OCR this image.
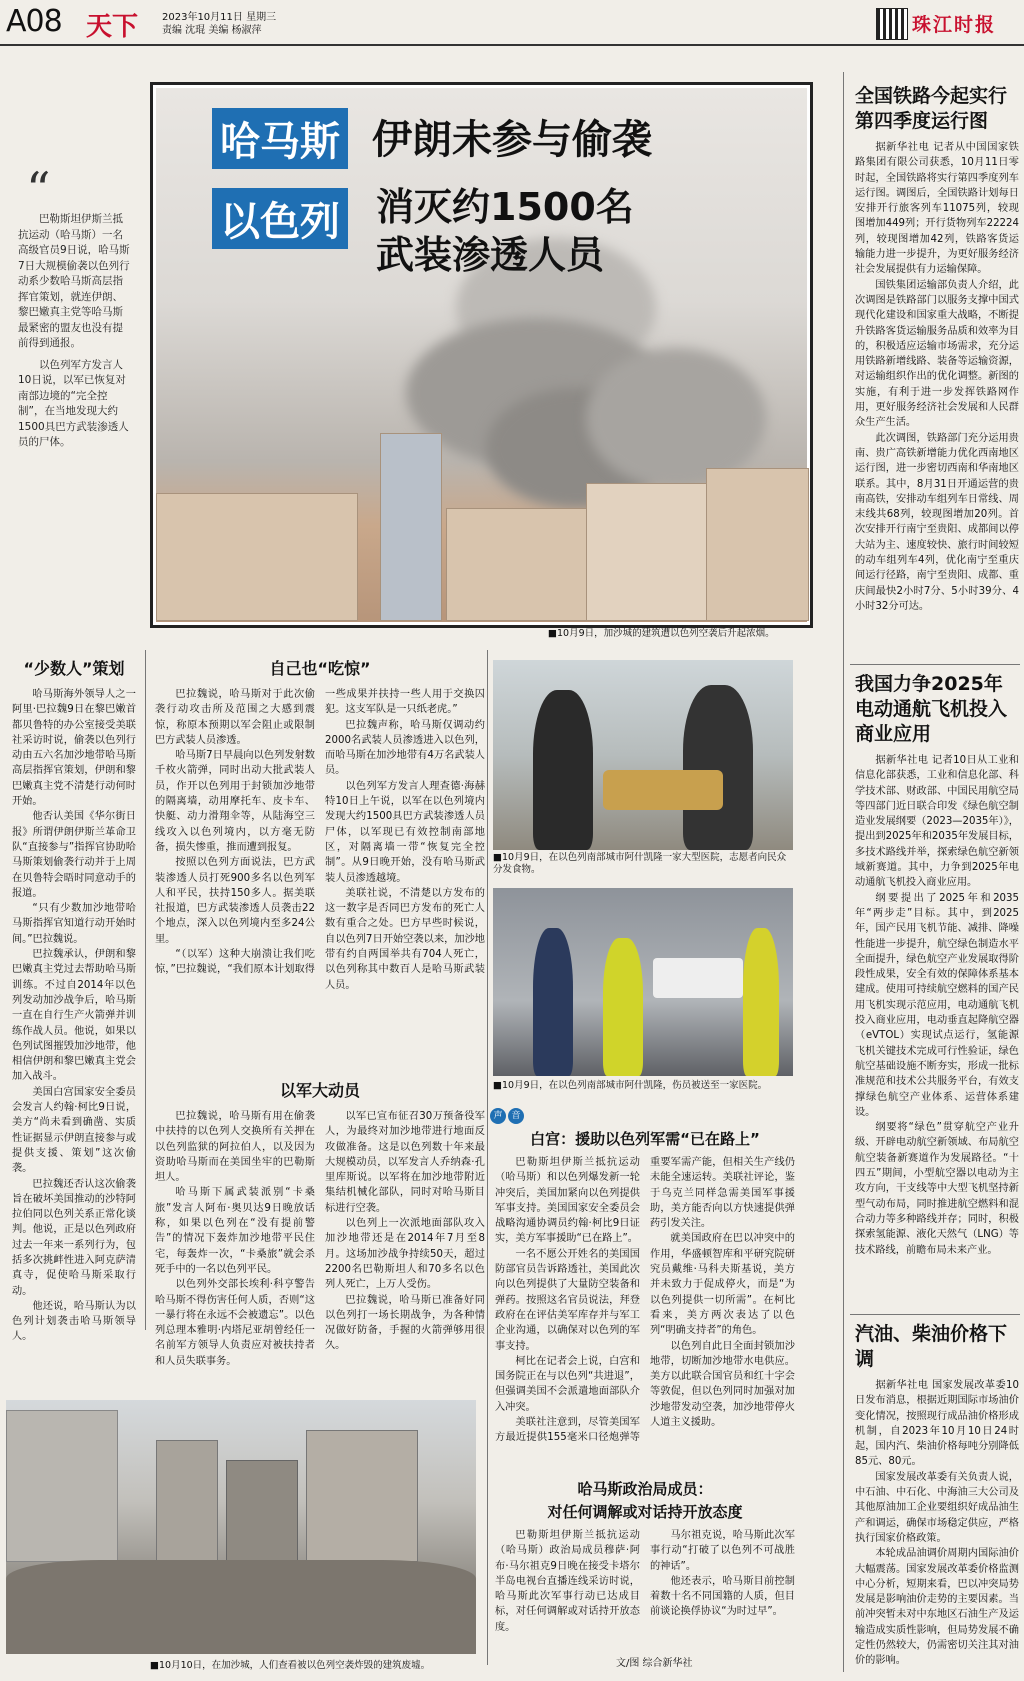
A08 天下 2023年10月11日 星期三
责编 沈琨 美编 杨淑萍	珠江时报
哈马斯 伊朗未参与偷袭
以色列 消灭约1500名
武装渗透人员
■10月9日，加沙城的建筑遭以色列空袭后升起浓烟。
“
巴勒斯坦伊斯兰抵抗运动（哈马斯）一名高级官员9日说，哈马斯7日大规模偷袭以色列行动系少数哈马斯高层指挥官策划，就连伊朗、黎巴嫩真主党等哈马斯最紧密的盟友也没有提前得到通报。
以色列军方发言人10日说，以军已恢复对南部边境的“完全控制”，在当地发现大约1500具巴方武装渗透人员的尸体。
全国铁路今起实行第四季度运行图

据新华社电 记者从中国国家铁路集团有限公司获悉，10月11日零时起，全国铁路将实行第四季度列车运行图。调图后，全国铁路计划每日安排开行旅客列车11075列，较现图增加449列；开行货物列车22224列，较现图增加42列，铁路客货运输能力进一步提升，为更好服务经济社会发展提供有力运输保障。

国铁集团运输部负责人介绍，此次调图是铁路部门以服务支撑中国式现代化建设和国家重大战略，不断提升铁路客货运输服务品质和效率为目的，积极适应运输市场需求，充分运用铁路新增线路、装备等运输资源，对运输组织作出的优化调整。新图的实施，有利于进一步发挥铁路网作用，更好服务经济社会发展和人民群众生产生活。

此次调图，铁路部门充分运用贵南、贵广高铁新增能力优化西南地区运行图，进一步密切西南和华南地区联系。其中，8月31日开通运营的贵南高铁，安排动车组列车日常线、周末线共68列，较现图增加20列。首次安排开行南宁至贵阳、成都间以停大站为主、速度较快、旅行时间较短的动车组列车4列，优化南宁至重庆间运行径路，南宁至贵阳、成都、重庆间最快2小时7分、5小时39分、4小时32分可达。

我国力争2025年电动通航飞机投入商业应用

据新华社电 记者10日从工业和信息化部获悉，工业和信息化部、科学技术部、财政部、中国民用航空局等四部门近日联合印发《绿色航空制造业发展纲要（2023—2035年）》，提出到2025年和2035年发展目标，多技术路线并举，探索绿色航空新领域新赛道。其中，力争到2025年电动通航飞机投入商业应用。

纲要提出了2025年和2035年“两步走”目标。其中，到2025年，国产民用飞机节能、减排、降噪性能进一步提升，航空绿色制造水平全面提升，绿色航空产业发展取得阶段性成果，安全有效的保障体系基本建成。使用可持续航空燃料的国产民用飞机实现示范应用，电动通航飞机投入商业应用，电动垂直起降航空器（eVTOL）实现试点运行，氢能源飞机关键技术完成可行性验证，绿色航空基础设施不断夯实，形成一批标准规范和技术公共服务平台，有效支撑绿色航空产业体系、运营体系建设。

纲要将“绿色”贯穿航空产业升级、开辟电动航空新领域、布局航空航空装备新赛道作为发展路径。“十四五”期间，小型航空器以电动为主攻方向，干支线等中大型飞机坚持新型气动布局，同时推进航空燃料和混合动力等多种路线并存；同时，积极探索氢能源、液化天然气（LNG）等技术路线，前瞻布局未来产业。

汽油、柴油价格下调

据新华社电 国家发展改革委10日发布消息，根据近期国际市场油价变化情况，按照现行成品油价格形成机制，自2023年10月10日24时起，国内汽、柴油价格每吨分别降低85元、80元。

国家发展改革委有关负责人说，中石油、中石化、中海油三大公司及其他原油加工企业要组织好成品油生产和调运，确保市场稳定供应，严格执行国家价格政策。

本轮成品油调价周期内国际油价大幅震荡。国家发展改革委价格监测中心分析，短期来看，巴以冲突局势发展是影响油价走势的主要因素。当前冲突暂未对中东地区石油生产及运输造成实质性影响，但局势发展不确定性仍然较大，仍需密切关注其对油价的影响。

“少数人”策划

哈马斯海外领导人之一阿里·巴拉魏9日在黎巴嫩首都贝鲁特的办公室接受美联社采访时说，偷袭以色列行动由五六名加沙地带哈马斯高层指挥官策划，伊朗和黎巴嫩真主党不清楚行动何时开始。

他否认美国《华尔街日报》所谓伊朗伊斯兰革命卫队“直接参与”指挥官协助哈马斯策划偷袭行动并于上周在贝鲁特会晤时同意动手的报道。

“只有少数加沙地带哈马斯指挥官知道行动开始时间。”巴拉魏说。

巴拉魏承认，伊朗和黎巴嫩真主党过去帮助哈马斯训练。不过自2014年以色列发动加沙战争后，哈马斯一直在自行生产火箭弹并训练作战人员。他说，如果以色列试图摧毁加沙地带，他相信伊朗和黎巴嫩真主党会加入战斗。

美国白宫国家安全委员会发言人约翰·柯比9日说，美方“尚未看到确凿、实质性证据显示伊朗直接参与或提供支援、策划”这次偷袭。

巴拉魏还否认这次偷袭旨在破坏美国推动的沙特阿拉伯同以色列关系正常化谈判。他说，正是以色列政府过去一年来一系列行为，包括多次挑衅性进入阿克萨清真寺，促使哈马斯采取行动。

他还说，哈马斯认为以色列计划袭击哈马斯领导人。

自己也“吃惊”

巴拉魏说，哈马斯对于此次偷袭行动攻击所及范围之大感到震惊，称原本预期以军会阻止或限制巴方武装人员渗透。

哈马斯7日早晨向以色列发射数千枚火箭弹，同时出动大批武装人员，作开以色列用于封锁加沙地带的隔离墙，动用摩托车、皮卡车、快艇、动力滑翔伞等，从陆海空三线攻入以色列境内，以方毫无防备，损失惨重，推而遭到报复。

按照以色列方面说法，巴方武装渗透人员打死900多名以色列军人和平民，扶持150多人。据美联社报道，巴方武装渗透人员袭击22个地点，深入以色列境内至多24公里。

“（以军）这种大崩溃让我们吃惊，”巴拉魏说，“我们原本计划取得一些成果并扶持一些人用于交换囚犯。这支军队是一只纸老虎。”

巴拉魏声称，哈马斯仅调动约2000名武装人员渗透进入以色列，而哈马斯在加沙地带有4万名武装人员。

以色列军方发言人理查德·海赫特10日上午说，以军在以色列境内发现大约1500具巴方武装渗透人员尸体，以军现已有效控制南部地区，对隔离墙一带“恢复完全控制”。从9日晚开始，没有哈马斯武装人员渗透越境。

美联社说，不清楚以方发布的这一数字是否同巴方发布的死亡人数有重合之处。巴方早些时候说，自以色列7日开始空袭以来，加沙地带有约自两国举共有704人死亡，以色列称其中数百人是哈马斯武装人员。

以军大动员

巴拉魏说，哈马斯有用在偷袭中扶持的以色列人交换所有关押在以色列监狱的阿拉伯人，以及因为资助哈马斯而在美国坐牢的巴勒斯坦人。

哈马斯下属武装派别“卡桑旅”发言人阿布·奥贝达9日晚放话称，如果以色列在“没有提前警告”的情况下轰炸加沙地带平民住宅，每轰炸一次，“卡桑旅”就会杀死手中的一名以色列平民。

以色列外交部长埃利·科亨警告哈马斯不得伤害任何人质，否则“这一暴行将在永远不会被遗忘”。以色列总理本雅明·内塔尼亚胡曾经任一名前军方领导人负责应对被扶持者和人员失联事务。

以军已宣布征召30万预备役军人，为最终对加沙地带进行地面反攻做准备。这是以色列数十年来最大规模动员，以军发言人乔纳森·孔里库斯说。以军将在加沙地带附近集结机械化部队，同时对哈马斯目标进行空袭。

以色列上一次派地面部队攻入加沙地带还是在2014年7月至8月。这场加沙战争持续50天，超过2200名巴勒斯坦人和70多名以色列人死亡，上万人受伤。

巴拉魏说，哈马斯已准备好同以色列打一场长期战争，为各种情况做好防备，手握的火箭弹够用很久。

■10月9日，在以色列南部城市阿什凯隆一家大型医院，志愿者向民众分发食物。
■10月9日，在以色列南部城市阿什凯隆，伤员被送至一家医院。
声 音
白宫：援助以色列军需“已在路上”

巴勒斯坦伊斯兰抵抗运动（哈马斯）和以色列爆发新一轮冲突后，美国加紧向以色列提供军事支持。美国国家安全委员会战略沟通协调员约翰·柯比9日证实，美方军事援助“已在路上”。

一名不愿公开姓名的美国国防部官员告诉路透社，美国此次向以色列提供了大量防空装备和弹药。按照这名官员说法，拜登政府在在评估美军库存并与军工企业沟通，以确保对以色列的军事支持。

柯比在记者会上说，白宫和国务院正在与以色列“共进退”，但强调美国不会派遣地面部队介入冲突。

美联社注意到，尽管美国军方最近提供155毫米口径炮弹等重要军需产能，但相关生产线仍未能全速运转。美联社评论，鉴于乌克兰同样急需美国军事援助，美方能否向以方快速提供弹药引发关注。

就美国政府在巴以冲突中的作用，华盛顿智库和平研究院研究员戴维·马科夫斯基说，美方并未致力于促成停火，而是“为以色列提供一切所需”。在柯比看来，美方两次表达了以色列“明确支持者”的角色。

以色列自此日全面封锁加沙地带，切断加沙地带水电供应。美方以此联合国官员和红十字会等敦促，但以色列同时加强对加沙地带发动空袭，加沙地带停火人道主义援助。

哈马斯政治局成员：
对任何调解或对话持开放态度

巴勒斯坦伊斯兰抵抗运动（哈马斯）政治局成员穆萨·阿布·马尔祖克9日晚在接受卡塔尔半岛电视台直播连线采访时说，哈马斯此次军事行动已达成目标，对任何调解或对话持开放态度。

马尔祖克说，哈马斯此次军事行动“打破了以色列不可战胜的神话”。

他还表示，哈马斯目前控制着数十名不同国籍的人质，但目前谈论换俘协议“为时过早”。

文/图 综合新华社
■10月10日，在加沙城，人们查看被以色列空袭炸毁的建筑废墟。
